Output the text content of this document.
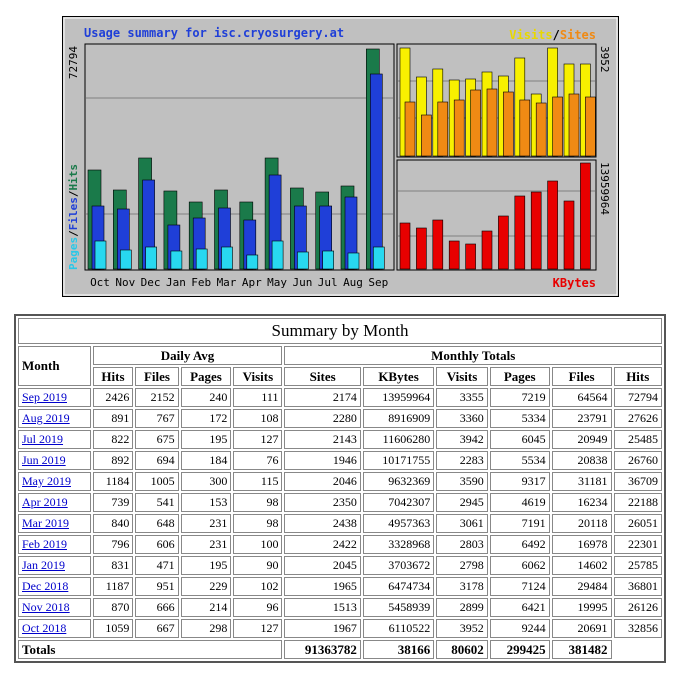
Oct Nov Dec Jan Feb Mar Apr May Jun Jul Aug Sep
Usage summary for isc.cryosurgery.at	Visits/Sites
KBytes
72794
Pages/Files/Hits
3952
13959964
Summary by Month										
Month	Daily Avg				Monthly Totals					
	Hits	Files	Pages	Visits	Sites	KBytes	Visits	Pages	Files	Hits
Sep 2019	2426	2152	240	111	2174	13959964	3355	7219	64564	72794
Aug 2019	891	767	172	108	2280	8916909	3360	5334	23791	27626
Jul 2019	822	675	195	127	2143	11606280	3942	6045	20949	25485
Jun 2019	892	694	184	76	1946	10171755	2283	5534	20838	26760
May 2019	1184	1005	300	115	2046	9632369	3590	9317	31181	36709
Apr 2019	739	541	153	98	2350	7042307	2945	4619	16234	22188
Mar 2019	840	648	231	98	2438	4957363	3061	7191	20118	26051
Feb 2019	796	606	231	100	2422	3328968	2803	6492	16978	22301
Jan 2019	831	471	195	90	2045	3703672	2798	6062	14602	25785
Dec 2018	1187	951	229	102	1965	6474734	3178	7124	29484	36801
Nov 2018	870	666	214	96	1513	5458939	2899	6421	19995	26126
Oct 2018	1059	667	298	127	1967	6110522	3952	9244	20691	32856
Totals					91363782	38166	80602	299425	381482	
